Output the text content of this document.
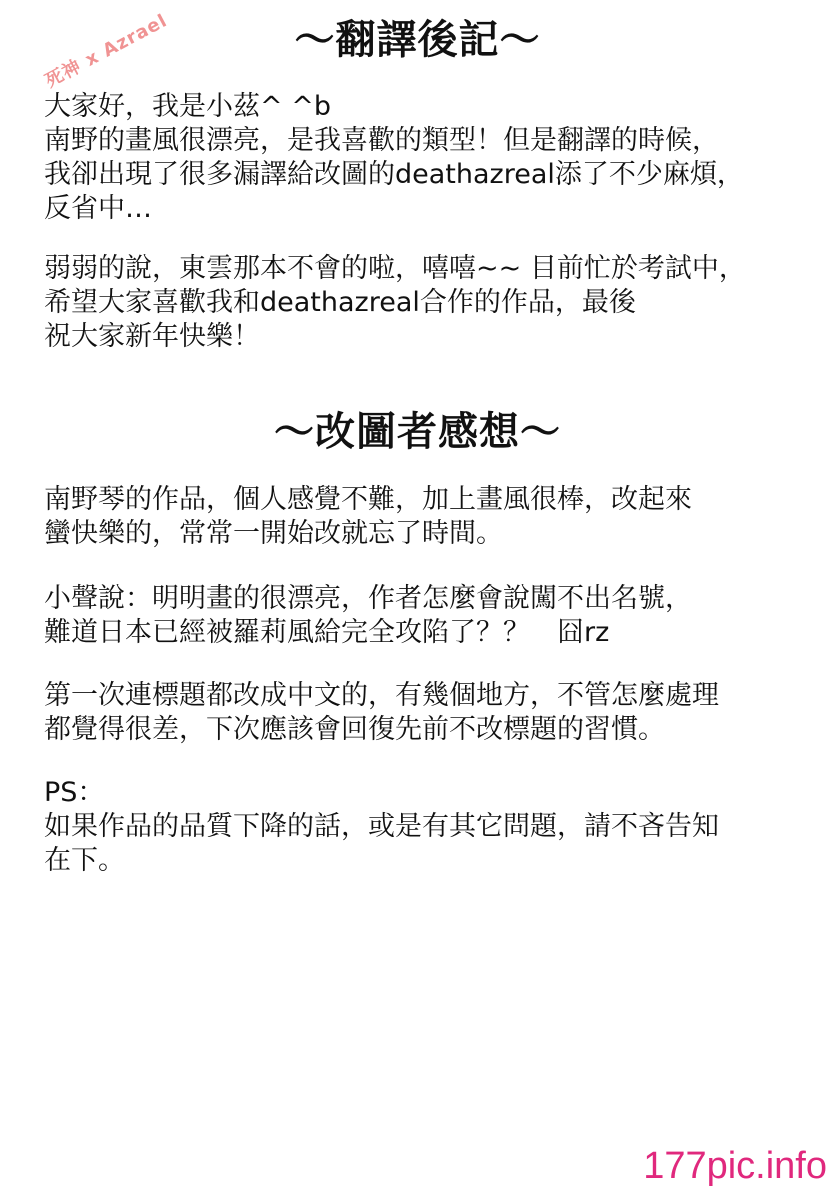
死神 x Azrael	～翻譯後記～
大家好，我是小茲^ ^b
南野的畫風很漂亮，是我喜歡的類型！但是翻譯的時候，
我卻出現了很多漏譯給改圖的deathazreal添了不少麻煩，
反省中…
弱弱的說，東雲那本不會的啦，嘻嘻~~ 目前忙於考試中，
希望大家喜歡我和deathazreal合作的作品，最後
祝大家新年快樂！
～改圖者感想～
南野琴的作品，個人感覺不難，加上畫風很棒，改起來
蠻快樂的，常常一開始改就忘了時間。
小聲說：明明畫的很漂亮，作者怎麼會說闖不出名號，
難道日本已經被羅莉風給完全攻陷了？？　囧rz
第一次連標題都改成中文的，有幾個地方，不管怎麼處理
都覺得很差，下次應該會回復先前不改標題的習慣。
PS：
如果作品的品質下降的話，或是有其它問題，請不吝告知
在下。
177pic.info
